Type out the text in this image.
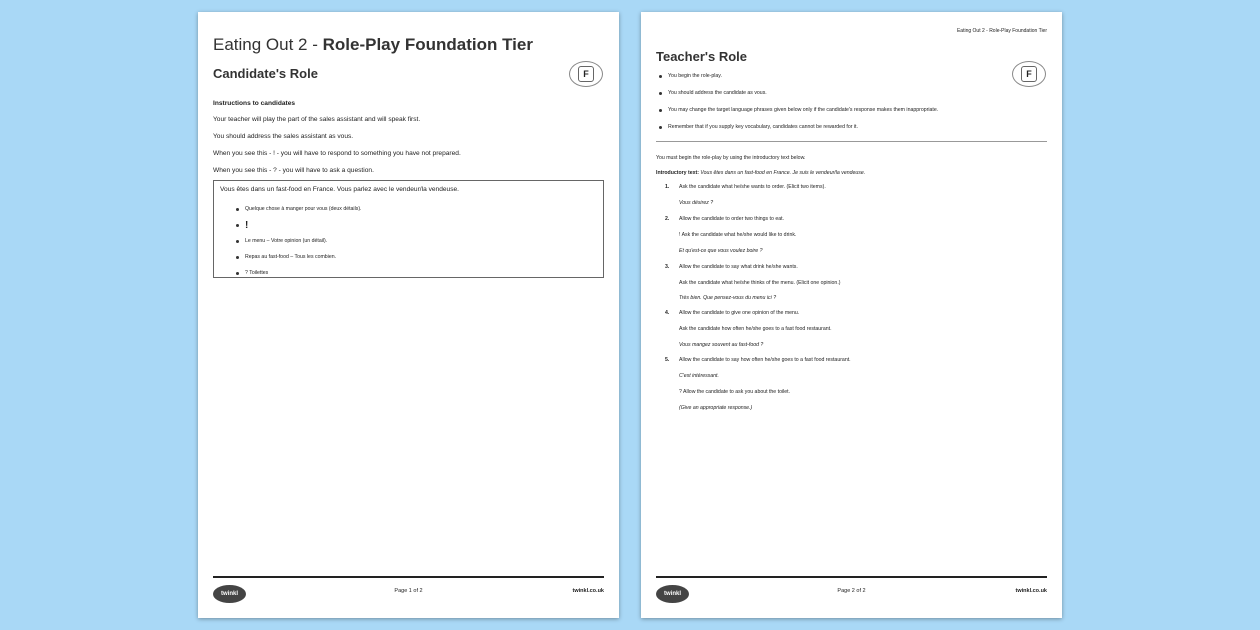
Eating Out 2 - Role-Play Foundation Tier
Candidate's Role	F
Instructions to candidates
Your teacher will play the part of the sales assistant and will speak first.
You should address the sales assistant as vous.
When you see this - ! - you will have to respond to something you have not prepared.
When you see this - ? - you will have to ask a question.
Vous êtes dans un fast-food en France. Vous parlez avec le vendeur/la vendeuse.
Quelque chose à manger pour vous (deux détails).
!
Le menu – Votre opinion (un détail).
Repas au fast-food – Tous les combien.
? Toilettes
twinkl	Page 1 of 2	twinkl.co.uk
Eating Out 2 - Role-Play Foundation Tier
Teacher's Role
F
You begin the role-play.
You should address the candidate as vous.
You may change the target language phrases given below only if the candidate's response makes them inappropriate.
Remember that if you supply key vocabulary, candidates cannot be rewarded for it.
You must begin the role-play by using the introductory text below.
Introductory text: Vous êtes dans un fast-food en France. Je suis le vendeur/la vendeuse.
1. Ask the candidate what he/she wants to order. (Elicit two items).
Vous désirez ?
2. Allow the candidate to order two things to eat.
! Ask the candidate what he/she would like to drink.
Et qu'est-ce que vous voulez boire ?
3. Allow the candidate to say what drink he/she wants.
Ask the candidate what he/she thinks of the menu. (Elicit one opinion.)
Très bien. Que pensez-vous du menu ici ?
4. Allow the candidate to give one opinion of the menu.
Ask the candidate how often he/she goes to a fast food restaurant.
Vous mangez souvent au fast-food ?
5. Allow the candidate to say how often he/she goes to a fast food restaurant.
C'est intéressant.
? Allow the candidate to ask you about the toilet.
(Give an appropriate response.)
twinkl	Page 2 of 2	twinkl.co.uk
